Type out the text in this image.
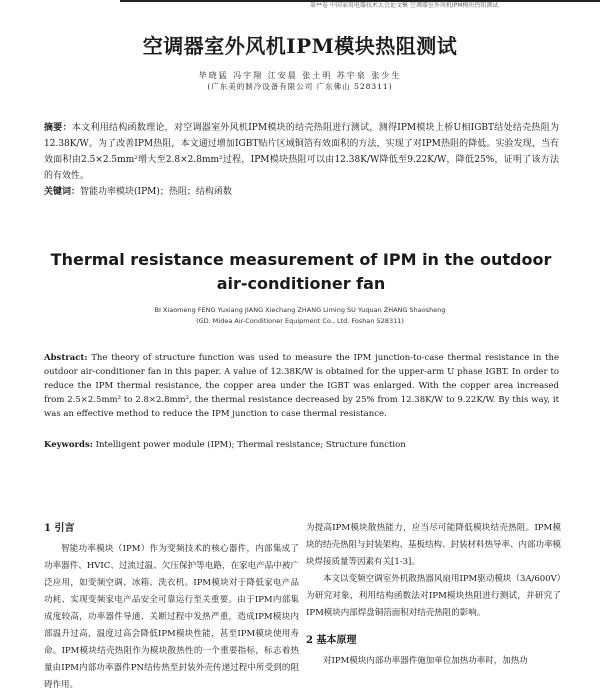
第**卷 中国家用电器技术大会论文集 空调器室外风机IPM模块热阻测试
空调器室外风机IPM模块热阻测试
毕晓猛 冯宇翔 江安晨 张土明 苏宇泉 张少生
(广东美的制冷设备有限公司 广东佛山 528311)
摘要：本文利用结构函数理论，对空调器室外风机IPM模块的结壳热阻进行测试，测得IPM模块上桥U相IGBT结处结壳热阻为12.38K/W。为了改善IPM热阻，本文通过增加IGBT贴片区域铜箔有效面积的方法，实现了对IPM热阻的降低。实验发现，当有效面积由2.5×2.5mm²增大至2.8×2.8mm²过程，IPM模块热阻可以由12.38K/W降低至9.22K/W，降低25%，证明了该方法的有效性。
关键词：智能功率模块(IPM)；热阻；结构函数
Thermal resistance measurement of IPM in the outdoor air-conditioner fan
BI Xiaomeng FENG Yuxiang JIANG Xiechang ZHANG Liming SU Yuquan ZHANG Shaosheng
(GD. Midea Air-Conditioner Equipment Co., Ltd. Foshan 528311)
Abstract: The theory of structure function was used to measure the IPM junction-to-case thermal resistance in the outdoor air-conditioner fan in this paper. A value of 12.38K/W is obtained for the upper-arm U phase IGBT. In order to reduce the IPM thermal resistance, the copper area under the IGBT was enlarged. With the copper area increased from 2.5×2.5mm² to 2.8×2.8mm², the thermal resistance decreased by 25% from 12.38K/W to 9.22K/W. By this way, it was an effective method to reduce the IPM junction to case thermal resistance.
Keywords: Intelligent power module (IPM); Thermal resistance; Structure function
1 引言

智能功率模块（IPM）作为变频技术的核心器件，内部集成了功率器件、HVIC、过流过温、欠压保护等电路，在家电产品中被广泛应用，如变频空调、冰箱、洗衣机。IPM模块对于降低家电产品功耗、实现变频家电产品安全可靠运行至关重要。由于IPM内部集成度较高，功率器件导通、关断过程中发热严重，造成IPM模块内部温升过高，温度过高会降低IPM模块性能，甚至IPM模块使用寿命。IPM模块结壳热阻作为模块散热性的一个重要指标，标志着热量由IPM内部功率器件PN结传热至封装外壳传递过程中所受到的阻碍作用。

为提高IPM模块散热能力，应当尽可能降低模块结壳热阻。IPM模块的结壳热阻与封装架构、基板结构、封装材料热导率、内部功率模块焊接质量等因素有关[1-3]。

本文以变频空调室外机散热器风扇用IPM驱动模块（3A/600V）为研究对象，利用结构函数法对IPM模块热阻进行测试，并研究了IPM模块内部焊盘铜箔面积对结壳热阻的影响。

2 基本原理

对IPM模块内部功率器件施加单位加热功率时，加热功
